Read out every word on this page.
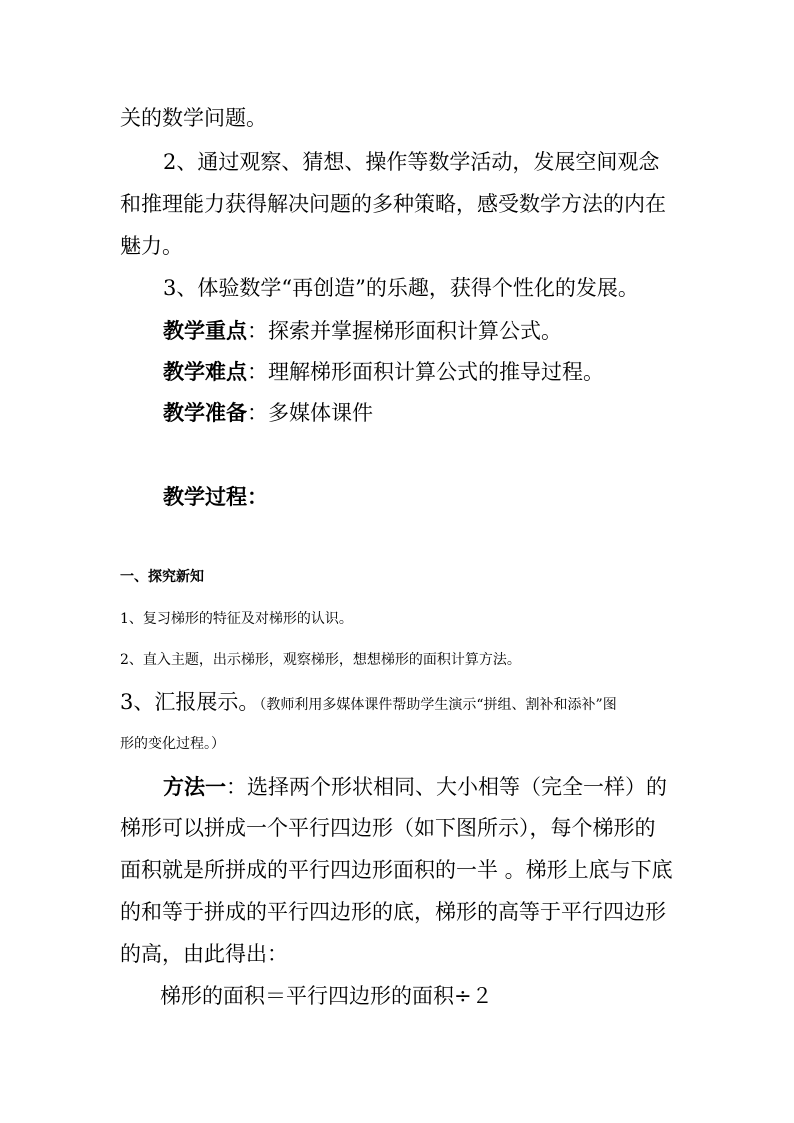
关的数学问题。
2、通过观察、猜想、操作等数学活动，发展空间观念
和推理能力获得解决问题的多种策略，感受数学方法的内在
魅力。
3、体验数学“再创造”的乐趣，获得个性化的发展。
教学重点：探索并掌握梯形面积计算公式。
教学难点：理解梯形面积计算公式的推导过程。
教学准备：多媒体课件
教学过程：
一、探究新知
1、复习梯形的特征及对梯形的认识。
2、直入主题，出示梯形，观察梯形，想想梯形的面积计算方法。
3、汇报展示。（教师利用多媒体课件帮助学生演示“拼组、割补和添补”图
形的变化过程。）
方法一：选择两个形状相同、大小相等（完全一样）的
梯形可以拼成一个平行四边形（如下图所示），每个梯形的
面积就是所拼成的平行四边形面积的一半 。梯形上底与下底
的和等于拼成的平行四边形的底，梯形的高等于平行四边形
的高，由此得出：
梯形的面积＝平行四边形的面积÷２
